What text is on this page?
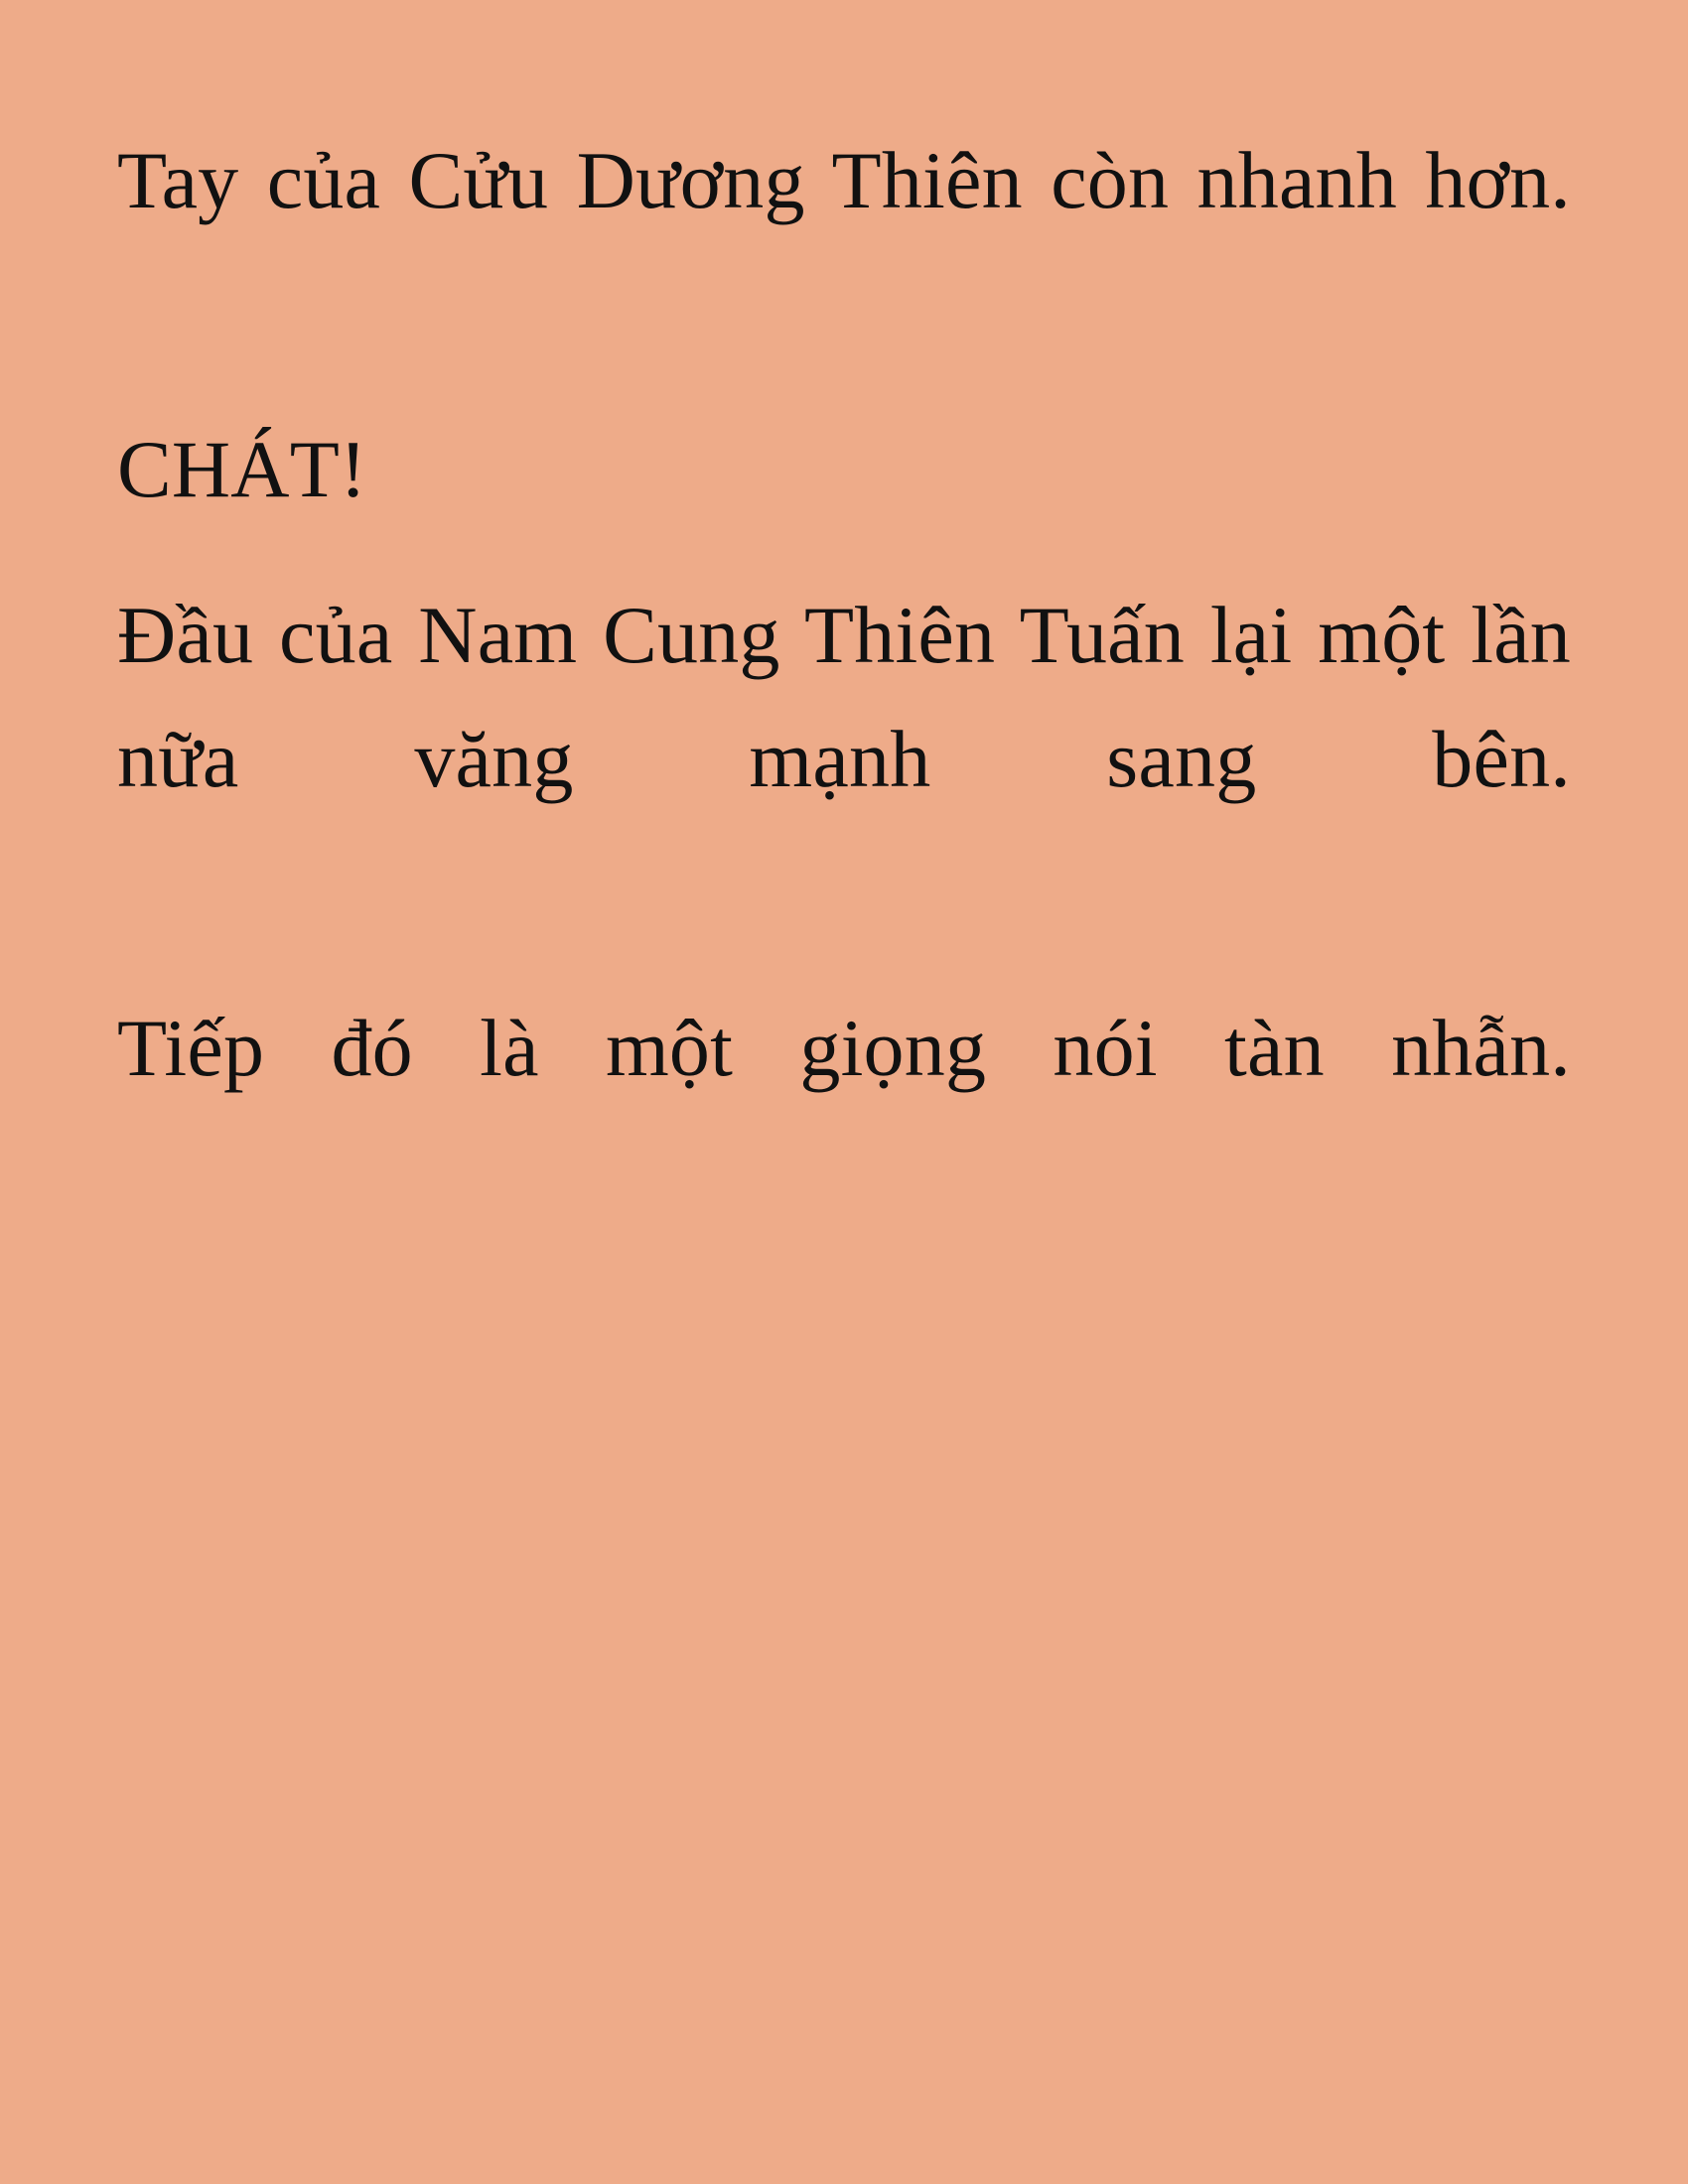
Tay của Cửu Dương Thiên còn nhanh hơn.

CHÁT!

Đầu của Nam Cung Thiên Tuấn lại một lần nữa văng mạnh sang bên.

Tiếp đó là một giọng nói tàn nhẫn.
